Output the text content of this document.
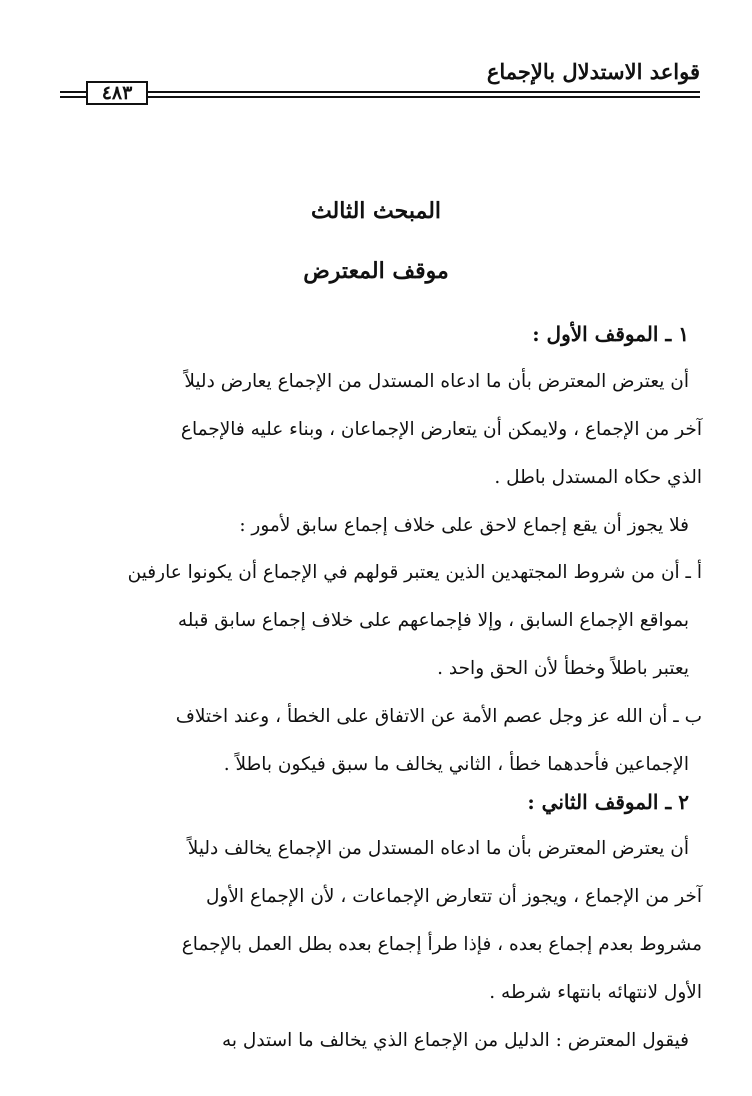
قواعد الاستدلال بالإجماع
٤٨٣
المبحث الثالث
موقف المعترض
١ ـ الموقف الأول :
أن يعترض المعترض بأن ما ادعاه المستدل من الإجماع يعارض دليلاً
آخر من الإجماع ، ولايمكن أن يتعارض الإجماعان ، وبناء عليه فالإجماع
الذي حكاه المستدل باطل .
فلا يجوز أن يقع إجماع لاحق على خلاف إجماع سابق لأمور :
أ ـ أن من شروط المجتهدين الذين يعتبر قولهم في الإجماع أن يكونوا عارفين
بمواقع الإجماع السابق ، وإلا فإجماعهم على خلاف إجماع سابق قبله
يعتبر باطلاً وخطأ لأن الحق واحد .
ب ـ أن الله عز وجل عصم الأمة عن الاتفاق على الخطأ ، وعند اختلاف
الإجماعين فأحدهما خطأ ، الثاني يخالف ما سبق فيكون باطلاً .
٢ ـ الموقف الثاني :
أن يعترض المعترض بأن ما ادعاه المستدل من الإجماع يخالف دليلاً
آخر من الإجماع ، ويجوز أن تتعارض الإجماعات ، لأن الإجماع الأول
مشروط بعدم إجماع بعده ، فإذا طرأ إجماع بعده بطل العمل بالإجماع
الأول لانتهائه بانتهاء شرطه .
فيقول المعترض : الدليل من الإجماع الذي يخالف ما استدل به
